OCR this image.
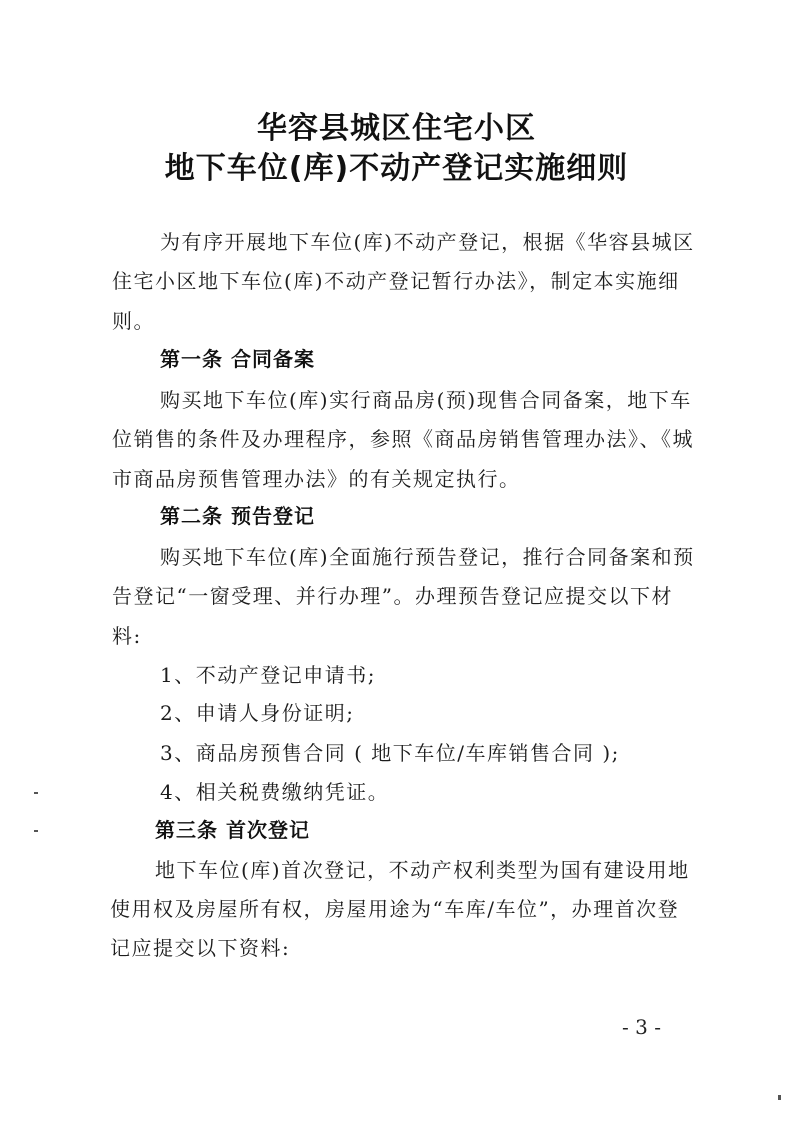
华容县城区住宅小区
地下车位(库)不动产登记实施细则
为有序开展地下车位(库)不动产登记，根据《华容县城区
住宅小区地下车位(库)不动产登记暂行办法》，制定本实施细
则。
第一条 合同备案
购买地下车位(库)实行商品房(预)现售合同备案，地下车
位销售的条件及办理程序，参照《商品房销售管理办法》、《城
市商品房预售管理办法》的有关规定执行。
第二条 预告登记
购买地下车位(库)全面施行预告登记，推行合同备案和预
告登记“一窗受理、并行办理”。办理预告登记应提交以下材
料:
1、不动产登记申请书;
2、申请人身份证明;
3、商品房预售合同 ( 地下车位/车库销售合同 );
4、相关税费缴纳凭证。
第三条 首次登记
地下车位(库)首次登记，不动产权利类型为国有建设用地
使用权及房屋所有权，房屋用途为“车库/车位”，办理首次登
记应提交以下资料:
- 3 -
